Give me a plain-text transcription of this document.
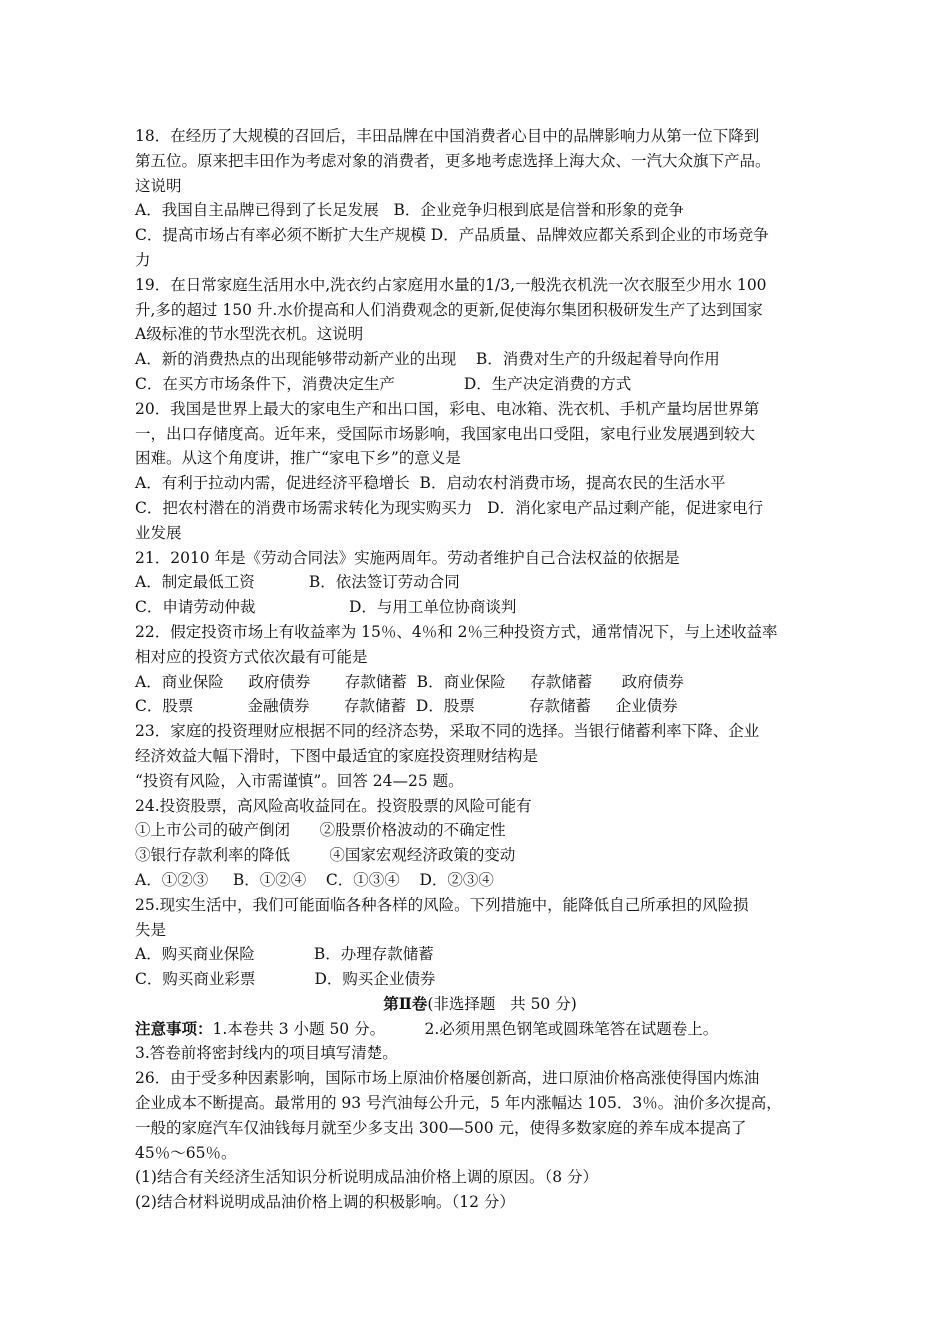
18．在经历了大规模的召回后，丰田品牌在中国消费者心目中的品牌影响力从第一位下降到
第五位。原来把丰田作为考虑对象的消费者，更多地考虑选择上海大众、一汽大众旗下产品。
这说明
A．我国自主品牌已得到了长足发展   B．企业竞争归根到底是信誉和形象的竞争
C．提高市场占有率必须不断扩大生产规模 D．产品质量、品牌效应都关系到企业的市场竞争
力
19．在日常家庭生活用水中,洗衣约占家庭用水量的1/3,一般洗衣机洗一次衣服至少用水 100
升,多的超过 150 升.水价提高和人们消费观念的更新,促使海尔集团积极研发生产了达到国家
A级标准的节水型洗衣机。这说明
A．新的消费热点的出现能够带动新产业的出现    B．消费对生产的升级起着导向作用
C．在买方市场条件下，消费决定生产              D．生产决定消费的方式
20．我国是世界上最大的家电生产和出口国，彩电、电冰箱、洗衣机、手机产量均居世界第
一，出口存储度高。近年来，受国际市场影响，我国家电出口受阻，家电行业发展遇到较大
困难。从这个角度讲，推广“家电下乡”的意义是
A．有利于拉动内需，促进经济平稳增长  B．启动农村消费市场，提高农民的生活水平
C．把农村潜在的消费市场需求转化为现实购买力   D．消化家电产品过剩产能，促进家电行
业发展
21．2010 年是《劳动合同法》实施两周年。劳动者维护自己合法权益的依据是
A．制定最低工资           B．依法签订劳动合同
C．申请劳动仲裁                   D．与用工单位协商谈判
22．假定投资市场上有收益率为 15％、4％和 2％三种投资方式，通常情况下，与上述收益率
相对应的投资方式依次最有可能是
A．商业保险     政府债券       存款储蓄  B．商业保险     存款储蓄      政府债券
C．股票           金融债券       存款储蓄  D．股票           存款储蓄     企业债券
23．家庭的投资理财应根据不同的经济态势，采取不同的选择。当银行储蓄利率下降、企业
经济效益大幅下滑时，下图中最适宜的家庭投资理财结构是
“投资有风险，入市需谨慎”。回答 24—25 题。
24.投资股票，高风险高收益同在。投资股票的风险可能有
①上市公司的破产倒闭      ②股票价格波动的不确定性
③银行存款利率的降低        ④国家宏观经济政策的变动
A．①②③     B．①②④    C．①③④    D．②③④
25.现实生活中，我们可能面临各种各样的风险。下列措施中，能降低自己所承担的风险损
失是
A．购买商业保险            B．办理存款储蓄
C．购买商业彩票            D．购买企业债券
第Ⅱ卷(非选择题   共 50 分)
注意事项：1.本卷共 3 小题 50 分。        2.必须用黑色钢笔或圆珠笔答在试题卷上。
3.答卷前将密封线内的项目填写清楚。
26．由于受多种因素影响，国际市场上原油价格屡创新高，进口原油价格高涨使得国内炼油
企业成本不断提高。最常用的 93 号汽油每公升元，5 年内涨幅达 105．3％。油价多次提高，
一般的家庭汽车仅油钱每月就至少多支出 300—500 元，使得多数家庭的养车成本提高了
45％～65％。
(1)结合有关经济生活知识分析说明成品油价格上调的原因。（8 分）
(2)结合材料说明成品油价格上调的积极影响。（12 分）
